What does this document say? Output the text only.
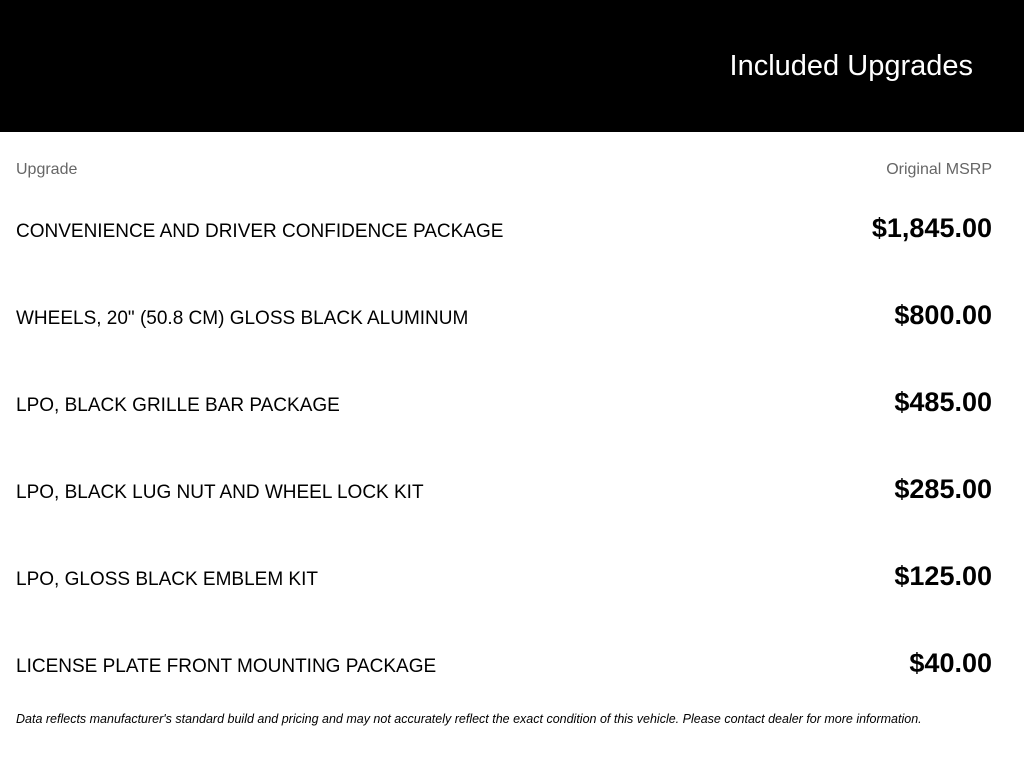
Included Upgrades
Upgrade	Original MSRP
CONVENIENCE AND DRIVER CONFIDENCE PACKAGE	$1,845.00
WHEELS, 20" (50.8 CM) GLOSS BLACK ALUMINUM	$800.00
LPO, BLACK GRILLE BAR PACKAGE	$485.00
LPO, BLACK LUG NUT AND WHEEL LOCK KIT	$285.00
LPO, GLOSS BLACK EMBLEM KIT	$125.00
LICENSE PLATE FRONT MOUNTING PACKAGE	$40.00
Data reflects manufacturer's standard build and pricing and may not accurately reflect the exact condition of this vehicle. Please contact dealer for more information.
